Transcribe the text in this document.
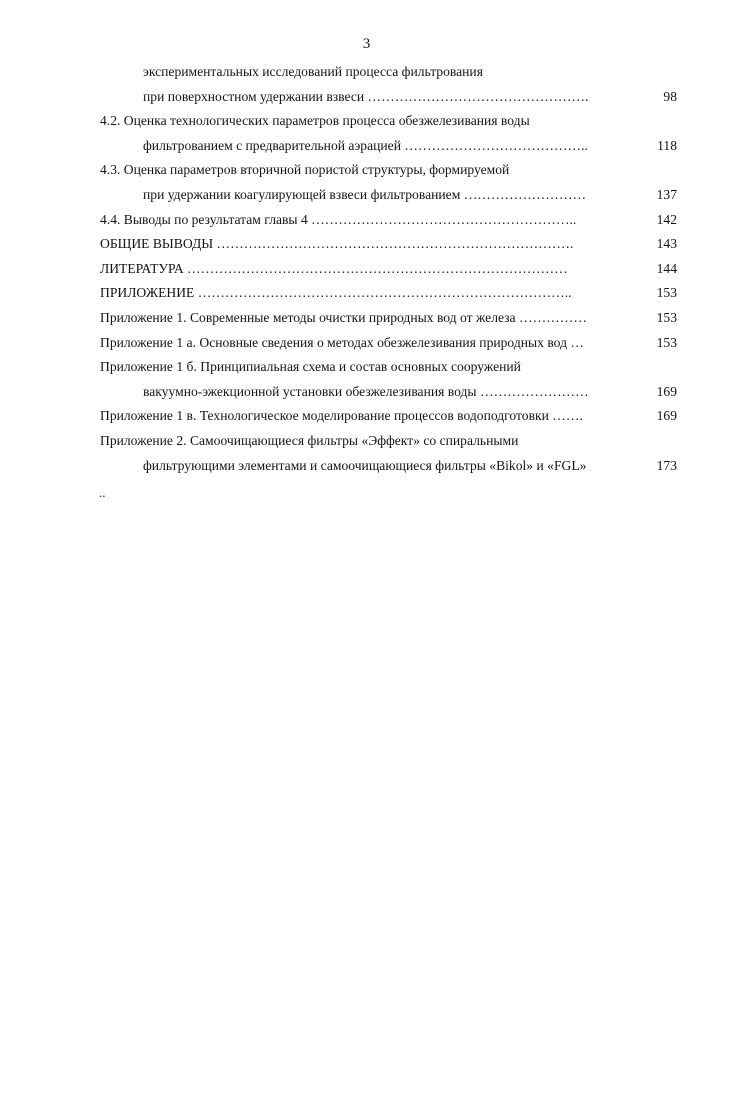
3
экспериментальных исследований процесса фильтрования
при поверхностном удержании взвеси ………………………………………….	98
4.2. Оценка технологических параметров процесса обезжелезивания воды
фильтрованием с предварительной аэрацией …………………………………..	118
4.3. Оценка параметров вторичной пористой структуры, формируемой
при удержании коагулирующей взвеси фильтрованием ………………………	137
4.4. Выводы по результатам главы 4 …………………………………………………..	142
ОБЩИЕ ВЫВОДЫ …………………………………………………………………….	143
ЛИТЕРАТУРА …………………………………………………………………………	144
ПРИЛОЖЕНИЕ ………………………………………………………………………..	153
Приложение 1. Современные методы очистки природных вод от железа ……………	153
Приложение 1 а. Основные сведения о методах обезжелезивания природных вод …	153
Приложение 1 б. Принципиальная схема и состав основных сооружений
вакуумно-эжекционной установки обезжелезивания воды ……………………	169
Приложение 1 в. Технологическое моделирование процессов водоподготовки …….	169
Приложение 2. Самоочищающиеся фильтры «Эффект» со спиральными
фильтрующими элементами и самоочищающиеся фильтры «Bikol» и «FGL»	173
..
